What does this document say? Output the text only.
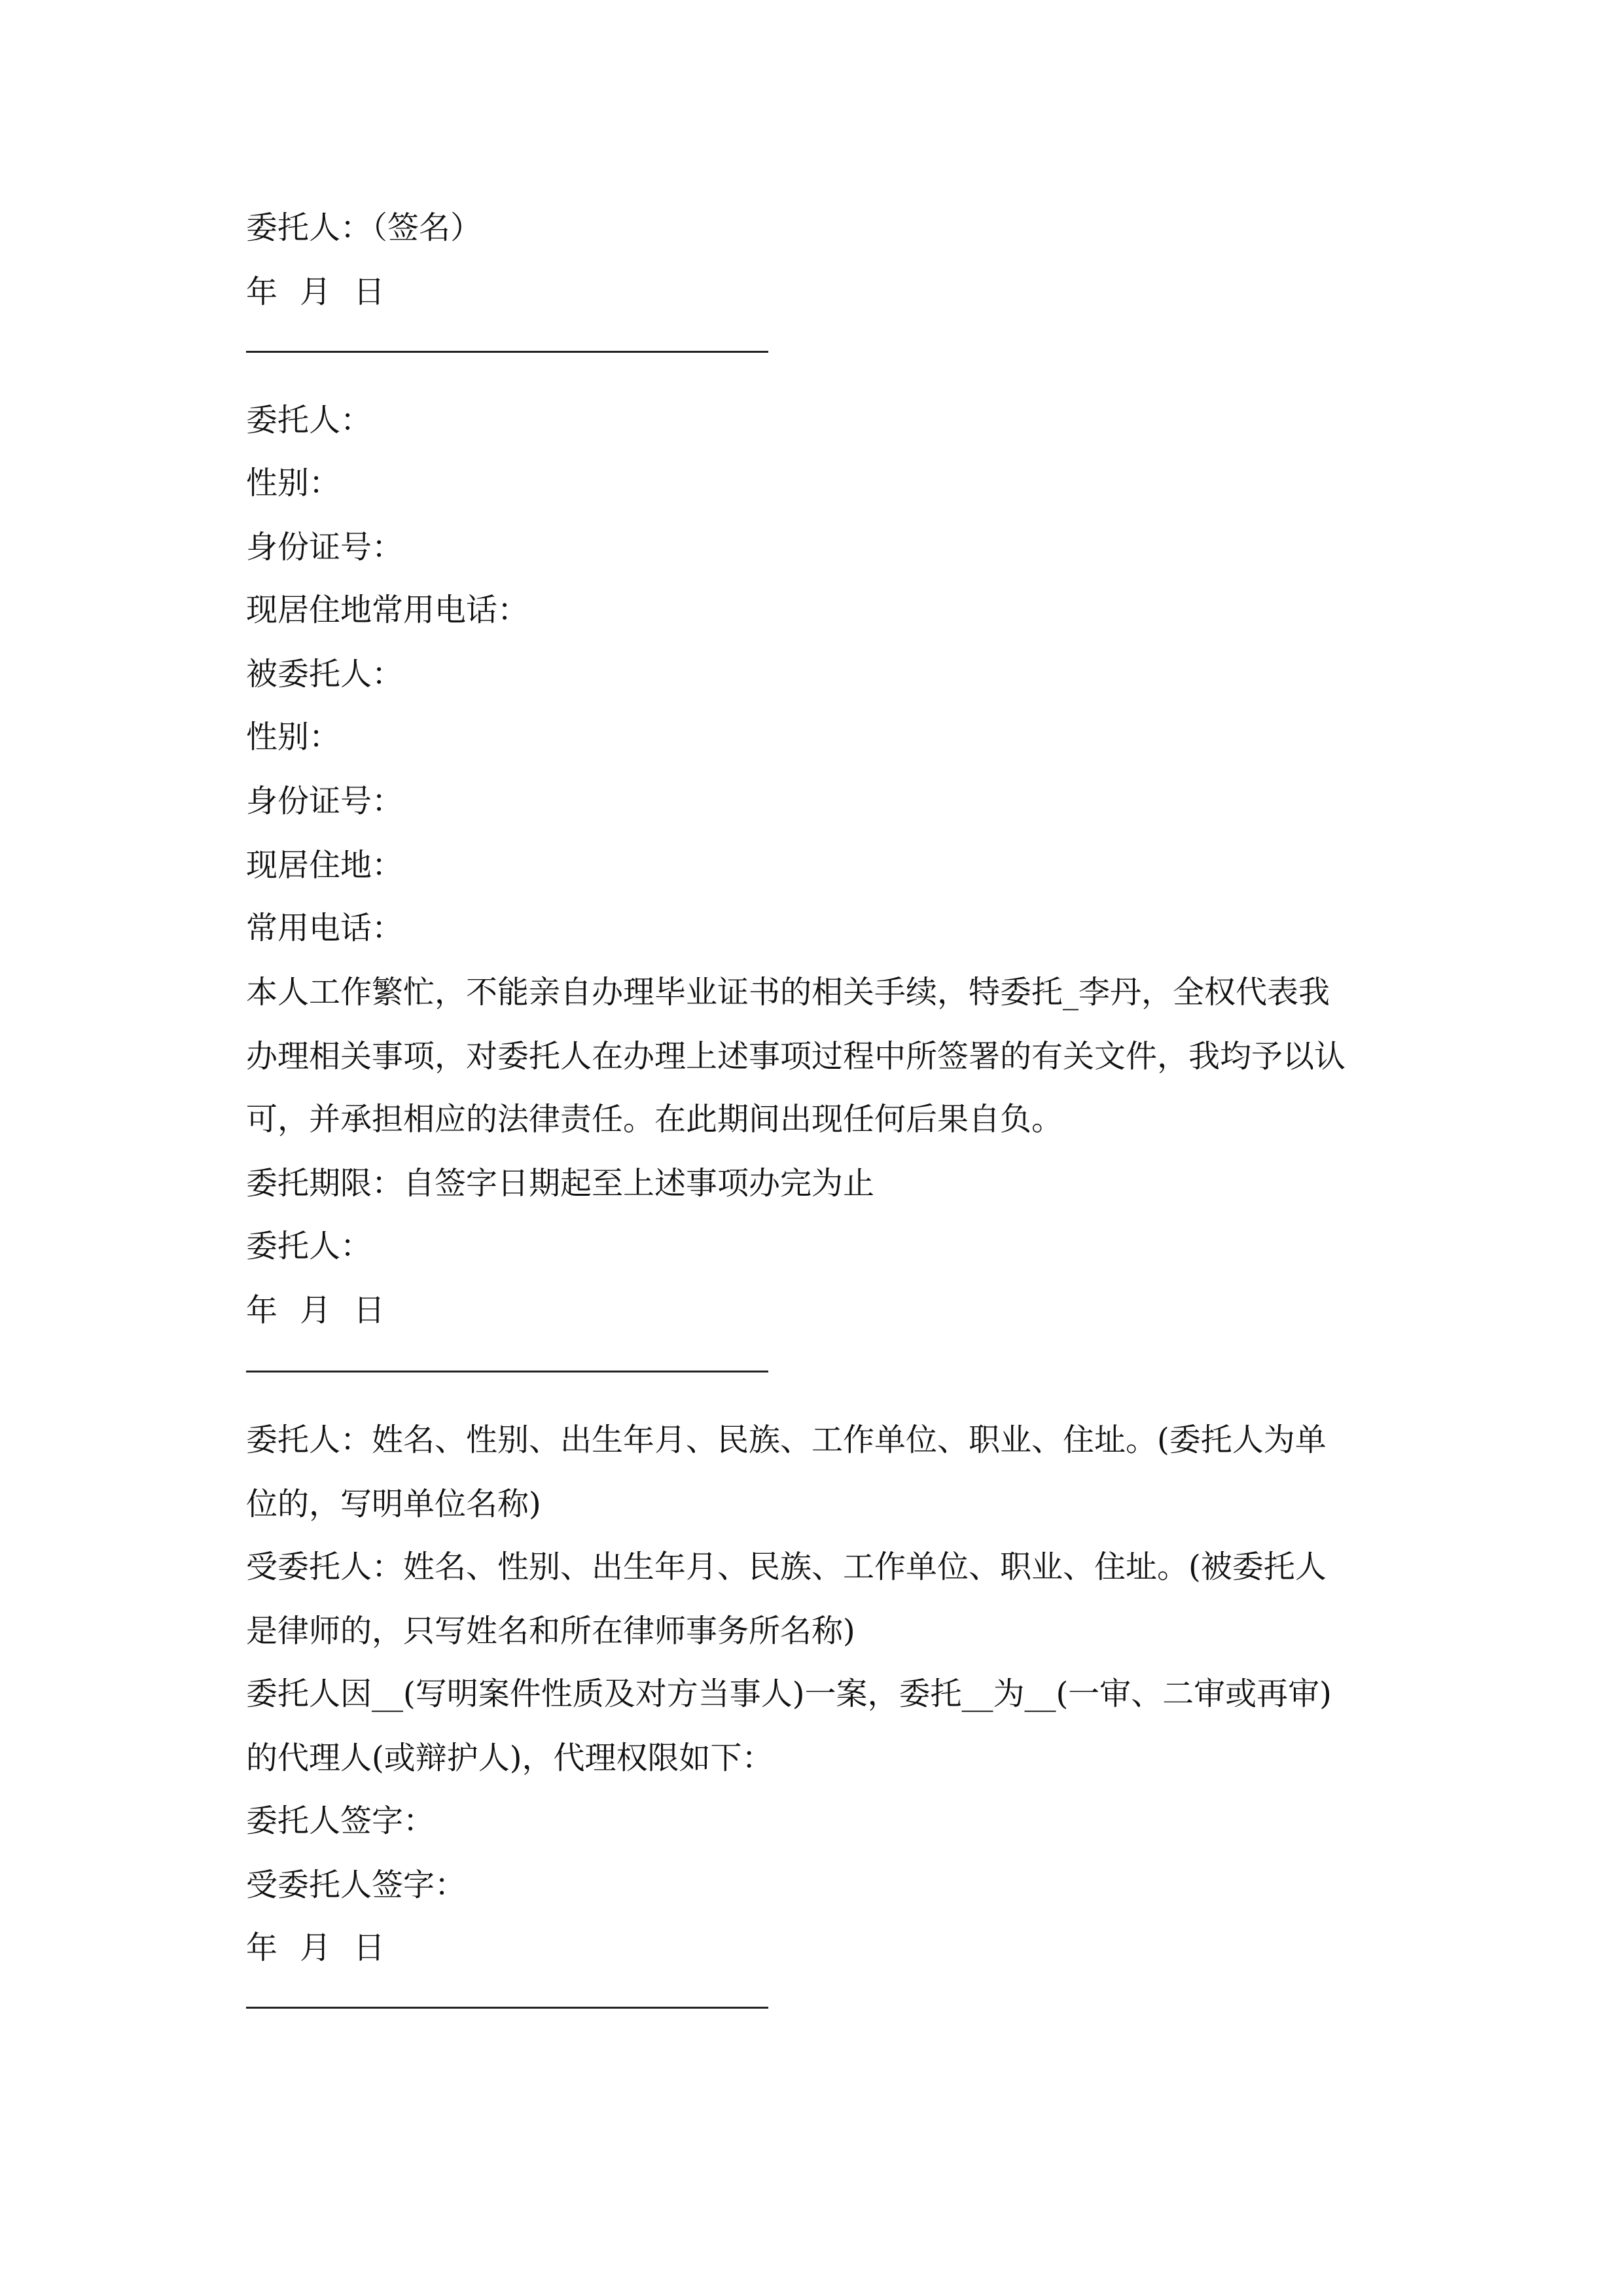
委托人：（签名）
年 月 日
委托人：
性别：
身份证号：
现居住地常用电话：
被委托人：
性别：
身份证号：
现居住地：
常用电话：
本人工作繁忙，不能亲自办理毕业证书的相关手续，特委托_李丹，全权代表我
办理相关事项，对委托人在办理上述事项过程中所签署的有关文件，我均予以认
可，并承担相应的法律责任。在此期间出现任何后果自负。
委托期限：自签字日期起至上述事项办完为止
委托人：
年 月 日
委托人：姓名、性别、出生年月、民族、工作单位、职业、住址。(委托人为单
位的，写明单位名称)
受委托人：姓名、性别、出生年月、民族、工作单位、职业、住址。(被委托人
是律师的，只写姓名和所在律师事务所名称)
委托人因__(写明案件性质及对方当事人)一案，委托__为__(一审、二审或再审)
的代理人(或辩护人)，代理权限如下：
委托人签字：
受委托人签字：
年 月 日
